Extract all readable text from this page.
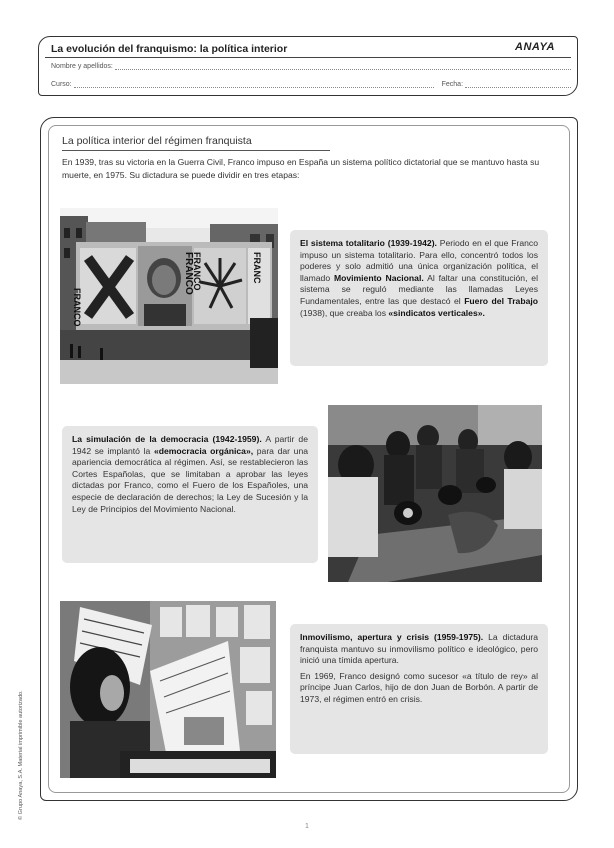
La evolución del franquismo: la política interior	ANAYA
Nombre y apellidos:
Curso:	Fecha:
La política interior del régimen franquista
En 1939, tras su victoria en la Guerra Civil, Franco impuso en España un sistema político dictatorial que se mantuvo hasta su muerte, en 1975. Su dictadura se puede dividir en tres etapas:
FRANCO
FRANCO
FRANCO	FRANC

El sistema totalitario (1939-1942). Periodo en el que Franco impuso un sistema totalitario. Para ello, concentró todos los poderes y solo admitió una única organización política, el llamado Movimiento Nacional. Al faltar una constitución, el sistema se reguló mediante las llamadas Leyes Fundamentales, entre las que destacó el Fuero del Trabajo (1938), que creaba los «sindicatos verticales».

La simulación de la democracia (1942-1959). A partir de 1942 se implantó la «democracia orgánica», para dar una apariencia democrática al régimen. Así, se restablecieron las Cortes Españolas, que se limitaban a aprobar las leyes dictadas por Franco, como el Fuero de los Españoles, una especie de declaración de derechos; la Ley de Sucesión y la Ley de Principios del Movimiento Nacional.

Inmovilismo, apertura y crisis (1959-1975). La dictadura franquista mantuvo su inmovilismo político e ideológico, pero inició una tímida apertura.

En 1969, Franco designó como sucesor «a título de rey» al príncipe Juan Carlos, hijo de don Juan de Borbón. A partir de 1973, el régimen entró en crisis.

© Grupo Anaya, S.A. Material imprimible autorizado.
1
